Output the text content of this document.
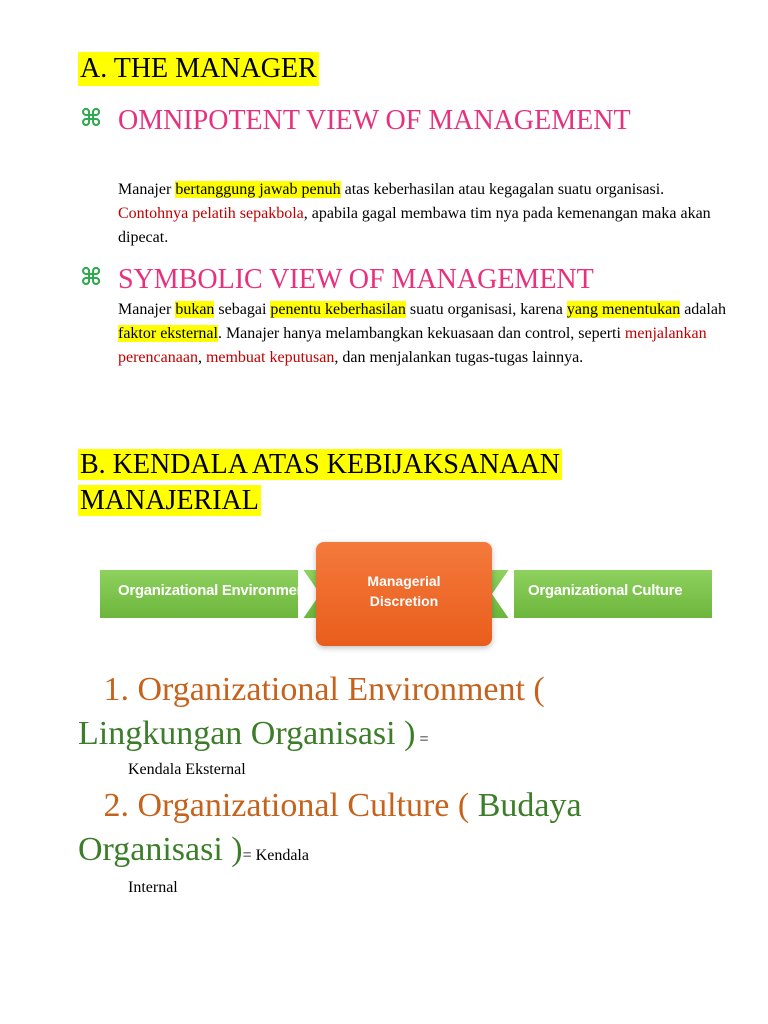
A. THE MANAGER
⌘ OMNIPOTENT VIEW OF MANAGEMENT
Manajer bertanggung jawab penuh atas keberhasilan atau kegagalan suatu organisasi. Contohnya pelatih sepakbola, apabila gagal membawa tim nya pada kemenangan maka akan dipecat.
⌘ SYMBOLIC VIEW OF MANAGEMENT
Manajer bukan sebagai penentu keberhasilan suatu organisasi, karena yang menentukan adalah faktor eksternal. Manajer hanya melambangkan kekuasaan dan control, seperti menjalankan perencanaan, membuat keputusan, dan menjalankan tugas-tugas lainnya.
B. KENDALA ATAS KEBIJAKSANAAN
MANAJERIAL
Organizational Environment	Organizational Culture
Managerial
Discretion
1. Organizational Environment (
Lingkungan Organisasi ) =
Kendala Eksternal
2. Organizational Culture ( Budaya
Organisasi )= Kendala
Internal
